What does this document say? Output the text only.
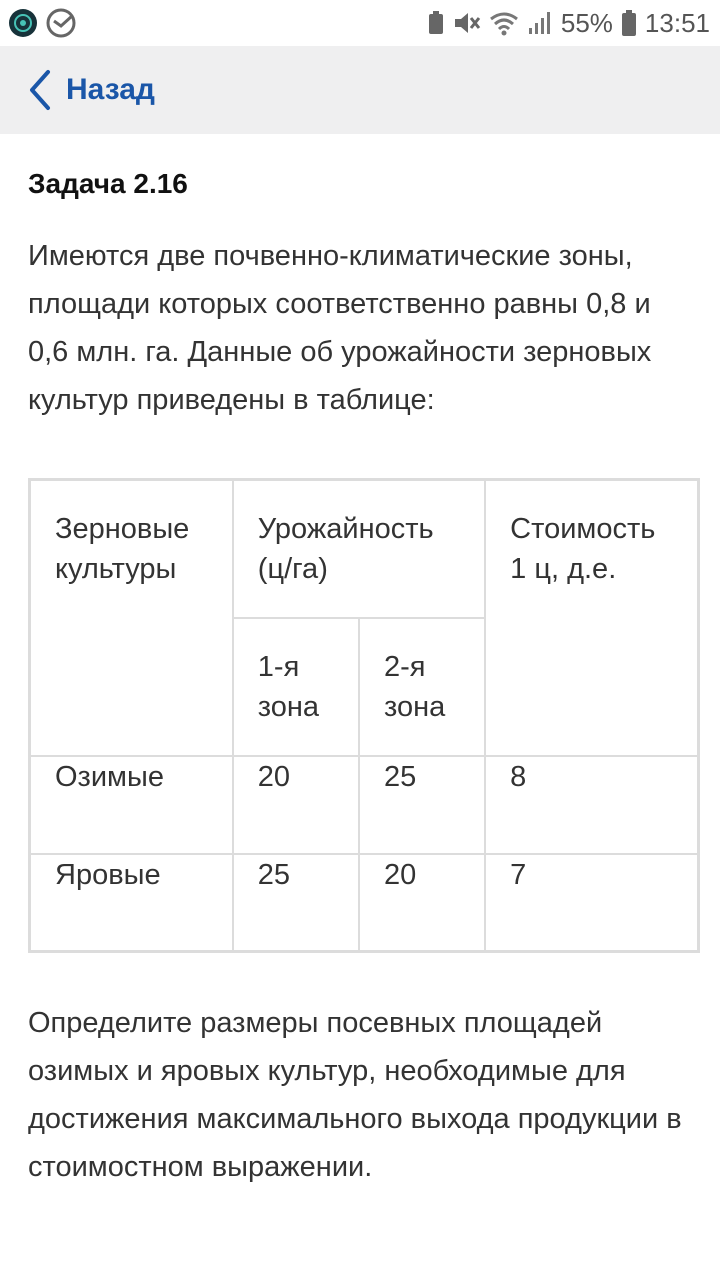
55% 13:51
Назад
Задача 2.16
Имеются две почвенно-климатические зоны, площади которых соответственно равны 0,8 и 0,6 млн. га. Данные об урожайности зерновых культур приведены в таблице:
Зерновые культуры	Урожайность (ц/га)		Стоимость 1 ц, д.е.
	1-я зона	2-я зона	
Озимые	20	25	8
Яровые	25	20	7
Определите размеры посевных площадей озимых и яровых культур, необходимые для достижения максимального выхода продукции в стоимостном выражении.
